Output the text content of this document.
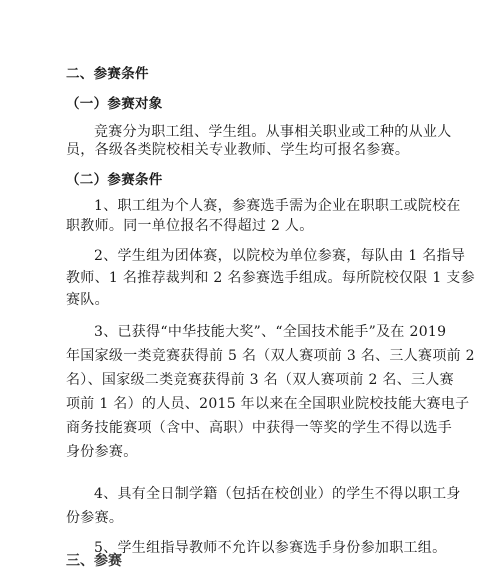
二、参赛条件
（一）参赛对象
竞赛分为职工组、学生组。从事相关职业或工种的从业人
员，各级各类院校相关专业教师、学生均可报名参赛。
（二）参赛条件
1、职工组为个人赛，参赛选手需为企业在职职工或院校在
职教师。同一单位报名不得超过 2 人。
2、学生组为团体赛，以院校为单位参赛，每队由 1 名指导
教师、1 名推荐裁判和 2 名参赛选手组成。每所院校仅限 1 支参
赛队。
3、已获得“中华技能大奖”、“全国技术能手”及在 2019
年国家级一类竞赛获得前 5 名（双人赛项前 3 名、三人赛项前 2
名）、国家级二类竞赛获得前 3 名（双人赛项前 2 名、三人赛
项前 1 名）的人员、2015 年以来在全国职业院校技能大赛电子
商务技能赛项（含中、高职）中获得一等奖的学生不得以选手
身份参赛。
4、具有全日制学籍（包括在校创业）的学生不得以职工身
份参赛。
5、学生组指导教师不允许以参赛选手身份参加职工组。
三、参赛
